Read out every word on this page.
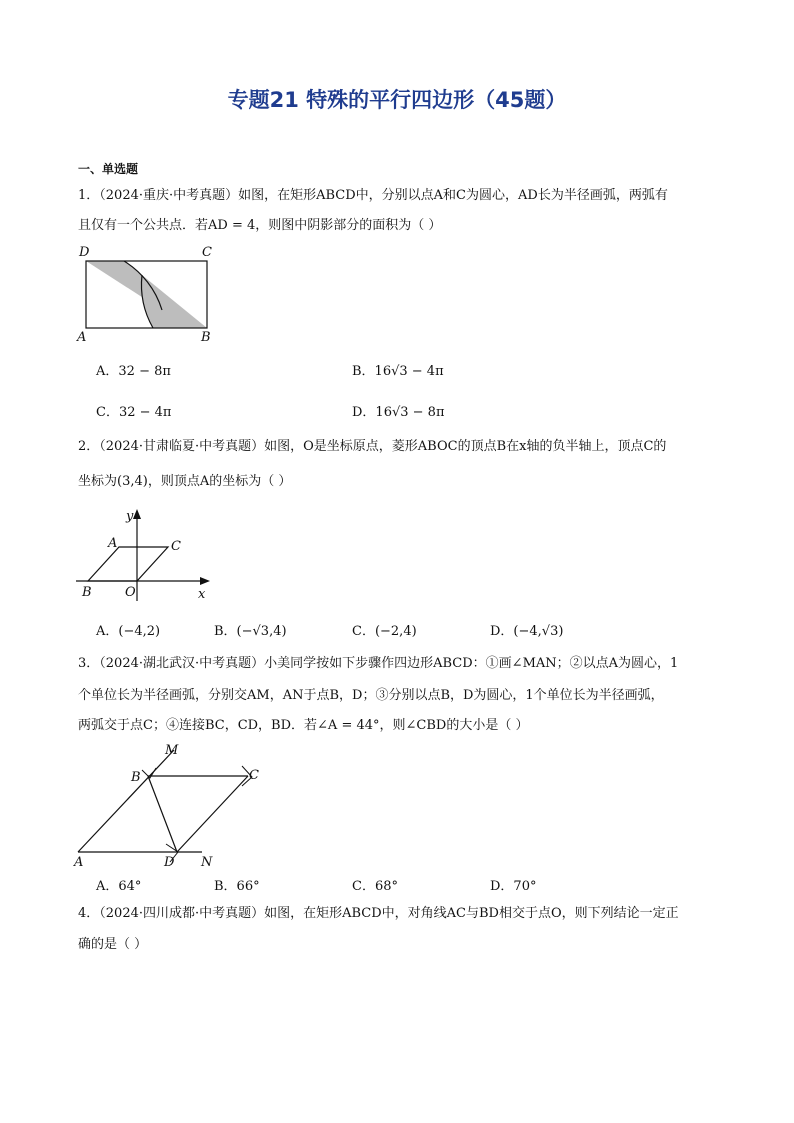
专题21 特殊的平行四边形（45题）
一、单选题
1．（2024·重庆·中考真题）如图，在矩形ABCD中，分别以点A和C为圆心，AD长为半径画弧，两弧有
且仅有一个公共点．若AD = 4，则图中阴影部分的面积为（ ）
D	C
A	B
A．32 − 8π	B．16√3 − 4π
C．32 − 4π	D．16√3 − 8π
2．（2024·甘肃临夏·中考真题）如图，O是坐标原点，菱形ABOC的顶点B在x轴的负半轴上，顶点C的
坐标为(3,4)，则顶点A的坐标为（ ）
y
A	C
B	O	x
A．(−4,2)	B．(−√3,4)	C．(−2,4)	D．(−4,√3)
3．（2024·湖北武汉·中考真题）小美同学按如下步骤作四边形ABCD：①画∠MAN；②以点A为圆心，1
个单位长为半径画弧，分别交AM，AN于点B，D；③分别以点B，D为圆心，1个单位长为半径画弧，
两弧交于点C；④连接BC，CD，BD．若∠A = 44°，则∠CBD的大小是（ ）
M
B	C
A	D N
A．64°	B．66°	C．68°	D．70°
4．（2024·四川成都·中考真题）如图，在矩形ABCD中，对角线AC与BD相交于点O，则下列结论一定正
确的是（ ）
